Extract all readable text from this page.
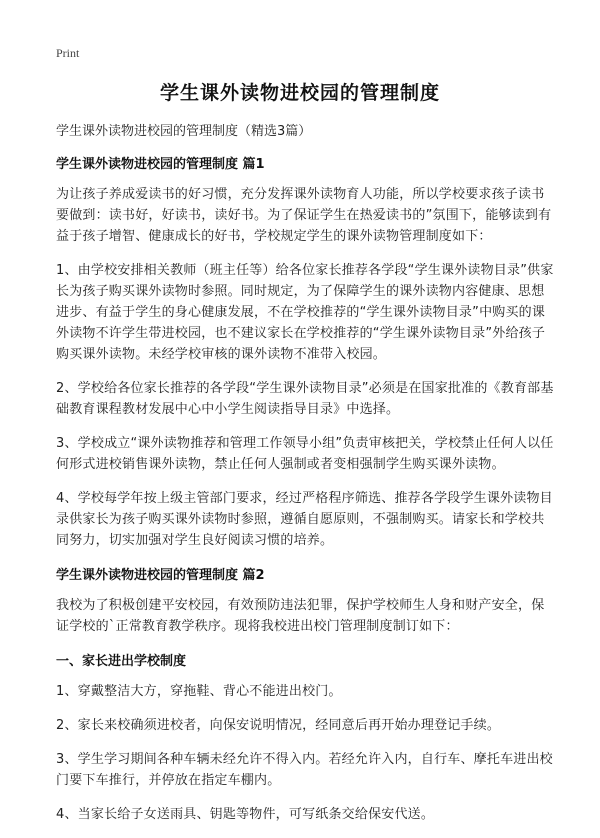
Print
学生课外读物进校园的管理制度
学生课外读物进校园的管理制度（精选3篇）
学生课外读物进校园的管理制度 篇1

为让孩子养成爱读书的好习惯，充分发挥课外读物育人功能，所以学校要求孩子读书要做到：读书好，好读书，读好书。为了保证学生在热爱读书的”氛围下，能够读到有益于孩子增智、健康成长的好书，学校规定学生的课外读物管理制度如下：

1、由学校安排相关教师（班主任等）给各位家长推荐各学段“学生课外读物目录”供家长为孩子购买课外读物时参照。同时规定，为了保障学生的课外读物内容健康、思想进步、有益于学生的身心健康发展，不在学校推荐的“学生课外读物目录”中购买的课外读物不许学生带进校园，也不建议家长在学校推荐的“学生课外读物目录”外给孩子购买课外读物。未经学校审核的课外读物不准带入校园。

2、学校给各位家长推荐的各学段“学生课外读物目录”必须是在国家批准的《教育部基础教育课程教材发展中心中小学生阅读指导目录》中选择。

3、学校成立“课外读物推荐和管理工作领导小组”负责审核把关，学校禁止任何人以任何形式进校销售课外读物，禁止任何人强制或者变相强制学生购买课外读物。

4、学校每学年按上级主管部门要求，经过严格程序筛选、推荐各学段学生课外读物目录供家长为孩子购买课外读物时参照，遵循自愿原则，不强制购买。请家长和学校共同努力，切实加强对学生良好阅读习惯的培养。

学生课外读物进校园的管理制度 篇2

我校为了积极创建平安校园，有效预防违法犯罪，保护学校师生人身和财产安全，保证学校的`正常教育教学秩序。现将我校进出校门管理制度制订如下：

一、家长进出学校制度

1、穿戴整洁大方，穿拖鞋、背心不能进出校门。

2、家长来校确须进校者，向保安说明情况，经同意后再开始办理登记手续。

3、学生学习期间各种车辆未经允许不得入内。若经允许入内，自行车、摩托车进出校门要下车推行，并停放在指定车棚内。

4、当家长给子女送雨具、钥匙等物件，可写纸条交给保安代送。
